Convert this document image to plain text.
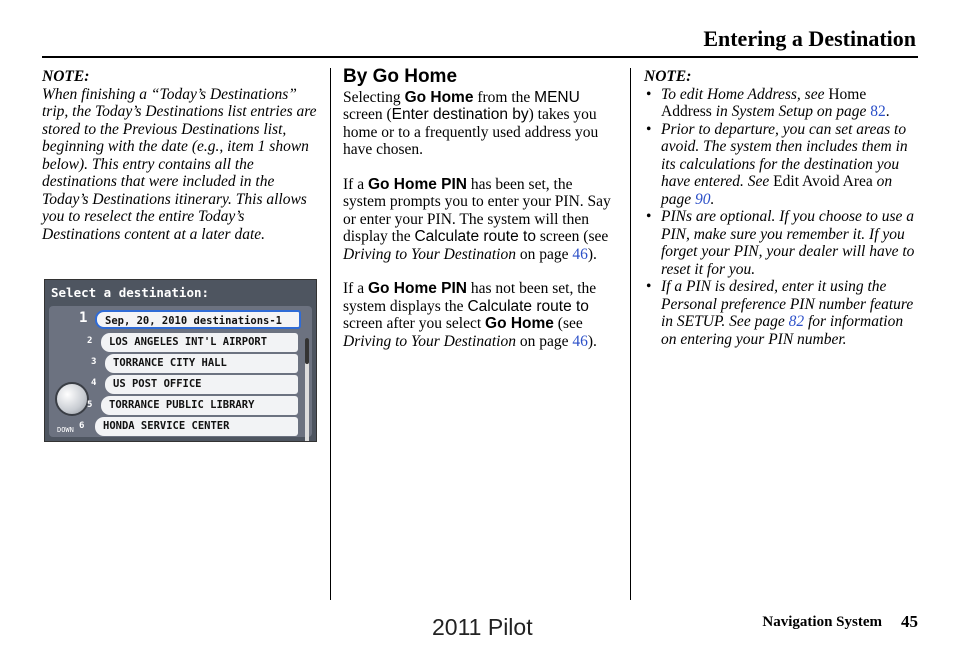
Entering a Destination

NOTE:

When finishing a “Today’s Destinations” trip, the Today’s Destinations list entries are stored to the Previous Destinations list, beginning with the date (e.g., item 1 shown below). This entry contains all the destinations that were included in the Today’s Destinations itinerary. This allows you to reselect the entire Today’s Destinations content at a later date.

Select a destination:
DOWN
1	Sep, 20, 2010 destinations-1
2	LOS ANGELES INT'L AIRPORT
3	TORRANCE CITY HALL
4	US POST OFFICE
5	TORRANCE PUBLIC LIBRARY
6	HONDA SERVICE CENTER
By Go Home

Selecting Go Home from the MENU screen (Enter destination by) takes you home or to a frequently used address you have chosen.

If a Go Home PIN has been set, the system prompts you to enter your PIN. Say or enter your PIN. The system will then display the Calculate route to screen (see Driving to Your Destination on page 46).

If a Go Home PIN has not been set, the system displays the Calculate route to screen after you select Go Home (see Driving to Your Destination on page 46).

NOTE:

• To edit Home Address, see Home Address in System Setup on page 82.
• Prior to departure, you can set areas to avoid. The system then includes them in its calculations for the destination you have entered. See Edit Avoid Area on page 90.
• PINs are optional. If you choose to use a PIN, make sure you remember it. If you forget your PIN, your dealer will have to reset it for you.
• If a PIN is desired, enter it using the Personal preference PIN number feature in SETUP. See page 82 for information on entering your PIN number.
2011 Pilot	Navigation System 45
